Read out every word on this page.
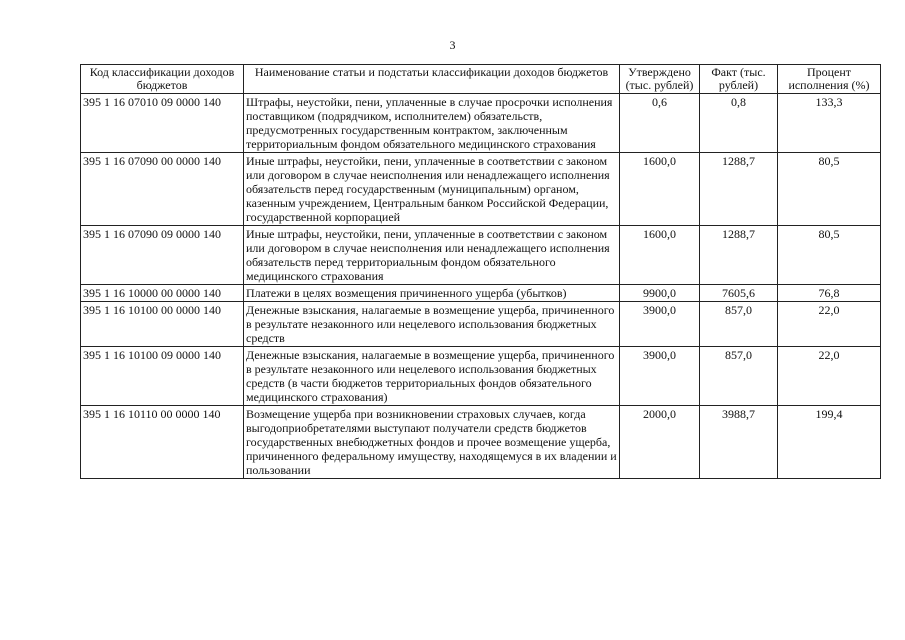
3
Код классификации доходов бюджетов	Наименование статьи и подстатьи классификации доходов бюджетов	Утверждено (тыс. рублей)	Факт (тыс. рублей)	Процент исполнения (%)
395 1 16 07010 09 0000 140	Штрафы, неустойки, пени, уплаченные в случае просрочки исполнения поставщиком (подрядчиком, исполнителем) обязательств, предусмотренных государственным контрактом, заключенным территориальным фондом обязательного медицинского страхования	0,6	0,8	133,3
395 1 16 07090 00 0000 140	Иные штрафы, неустойки, пени, уплаченные в соответствии с законом или договором в случае неисполнения или ненадлежащего исполнения обязательств перед государственным (муниципальным) органом, казенным учреждением, Центральным банком Российской Федерации, государственной корпорацией	1600,0	1288,7	80,5
395 1 16 07090 09 0000 140	Иные штрафы, неустойки, пени, уплаченные в соответствии с законом или договором в случае неисполнения или ненадлежащего исполнения обязательств перед территориальным фондом обязательного медицинского страхования	1600,0	1288,7	80,5
395 1 16 10000 00 0000 140	Платежи в целях возмещения причиненного ущерба (убытков)	9900,0	7605,6	76,8
395 1 16 10100 00 0000 140	Денежные взыскания, налагаемые в возмещение ущерба, причиненного в результате незаконного или нецелевого использования бюджетных средств	3900,0	857,0	22,0
395 1 16 10100 09 0000 140	Денежные взыскания, налагаемые в возмещение ущерба, причиненного в результате незаконного или нецелевого использования бюджетных средств (в части бюджетов территориальных фондов обязательного медицинского страхования)	3900,0	857,0	22,0
395 1 16 10110 00 0000 140	Возмещение ущерба при возникновении страховых случаев, когда выгодоприобретателями выступают получатели средств бюджетов государственных внебюджетных фондов и прочее возмещение ущерба, причиненного федеральному имуществу, находящемуся в их владении и пользовании	2000,0	3988,7	199,4
